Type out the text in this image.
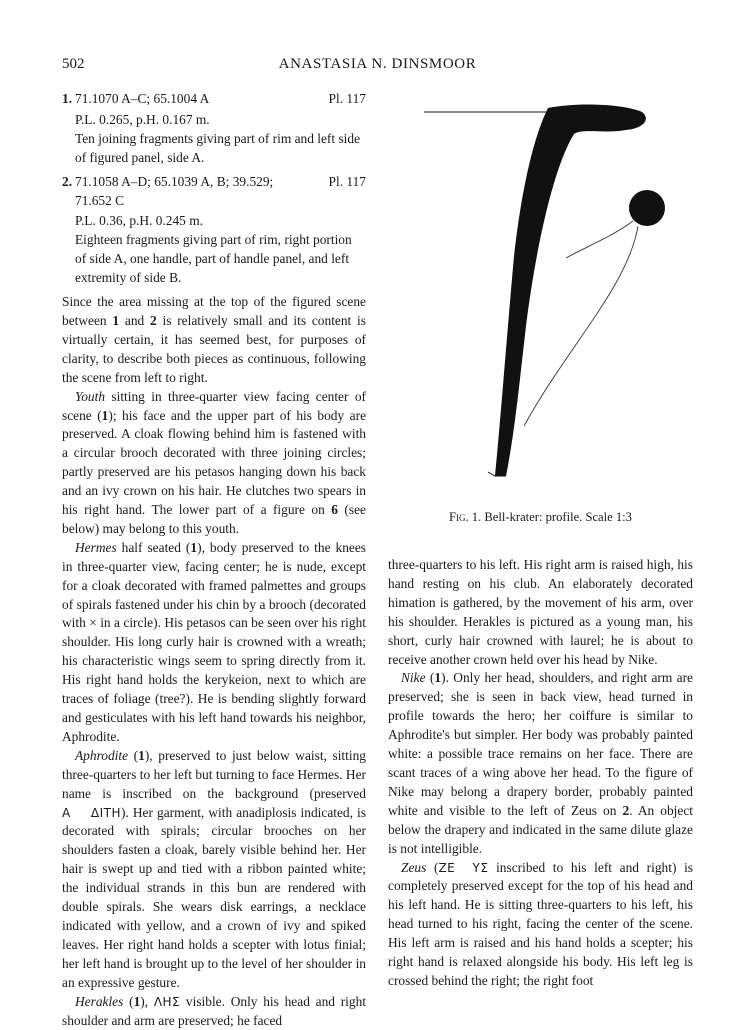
502	ANASTASIA N. DINSMOOR
1. 71.1070 A–C; 65.1004 A	Pl. 117
P.L. 0.265, p.H. 0.167 m.
Ten joining fragments giving part of rim and left side of figured panel, side A.
2. 71.1058 A–D; 65.1039 A, B; 39.529;	Pl. 117
71.652 C
P.L. 0.36, p.H. 0.245 m.
Eighteen fragments giving part of rim, right portion of side A, one handle, part of handle panel, and left extremity of side B.

Since the area missing at the top of the figured scene between 1 and 2 is relatively small and its content is virtually certain, it has seemed best, for purposes of clarity, to describe both pieces as continuous, following the scene from left to right.

Youth sitting in three-quarter view facing center of scene (1); his face and the upper part of his body are preserved. A cloak flowing behind him is fastened with a circular brooch decorated with three joining circles; partly preserved are his petasos hanging down his back and an ivy crown on his hair. He clutches two spears in his right hand. The lower part of a figure on 6 (see below) may belong to this youth.

Hermes half seated (1), body preserved to the knees in three-quarter view, facing center; he is nude, except for a cloak decorated with framed palmettes and groups of spirals fastened under his chin by a brooch (decorated with × in a circle). His petasos can be seen over his right shoulder. His long curly hair is crowned with a wreath; his characteristic wings seem to spring directly from it. His right hand holds the kerykeion, next to which are traces of foliage (tree?). He is bending slightly forward and gesticulates with his left hand towards his neighbor, Aphrodite.

Aphrodite (1), preserved to just below waist, sitting three-quarters to her left but turning to face Hermes. Her name is inscribed on the background (preserved A    ΔITH). Her garment, with anadiplosis indicated, is decorated with spirals; circular brooches on her shoulders fasten a cloak, barely visible behind her. Her hair is swept up and tied with a ribbon painted white; the individual strands in this bun are rendered with double spirals. She wears disk earrings, a necklace indicated with yellow, and a crown of ivy and spiked leaves. Her right hand holds a scepter with lotus finial; her left hand is brought up to the level of her shoulder in an expressive gesture.

Herakles (1), ΛΗΣ visible. Only his head and right shoulder and arm are preserved; he faced

Fig. 1. Bell-krater: profile. Scale 1:3

three-quarters to his left. His right arm is raised high, his hand resting on his club. An elaborately decorated himation is gathered, by the movement of his arm, over his shoulder. Herakles is pictured as a young man, his short, curly hair crowned with laurel; he is about to receive another crown held over his head by Nike.

Nike (1). Only her head, shoulders, and right arm are preserved; she is seen in back view, head turned in profile towards the hero; her coiffure is similar to Aphrodite's but simpler. Her body was probably painted white: a possible trace remains on her face. There are scant traces of a wing above her head. To the figure of Nike may belong a drapery border, probably painted white and visible to the left of Zeus on 2. An object below the drapery and indicated in the same dilute glaze is not intelligible.

Zeus (ZE  YΣ inscribed to his left and right) is completely preserved except for the top of his head and his left hand. He is sitting three-quarters to his left, his head turned to his right, facing the center of the scene. His left arm is raised and his hand holds a scepter; his right hand is relaxed alongside his body. His left leg is crossed behind the right; the right foot
